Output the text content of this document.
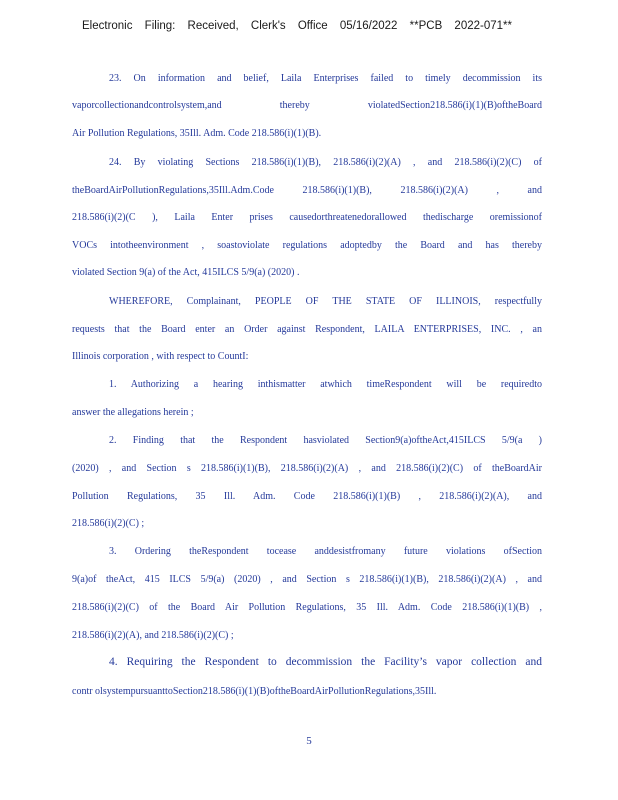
Electronic Filing: Received, Clerk's Office 05/16/2022 **PCB 2022-071**
23. On information and belief, Laila Enterprises failed to timely decommission its
vaporcollectionandcontrolsystem,and thereby violatedSection218.586(i)(1)(B)oftheBoard
Air Pollution Regulations, 35Ill. Adm. Code 218.586(i)(1)(B).
24. By violating Sections 218.586(i)(1)(B), 218.586(i)(2)(A) , and 218.586(i)(2)(C) of
theBoardAirPollutionRegulations,35Ill.Adm.Code 218.586(i)(1)(B), 218.586(i)(2)(A) , and
218.586(i)(2)(C ), Laila Enter prises causedorthreatenedorallowed thedischarge oremissionof
VOCs intotheenvironment , soastoviolate regulations adoptedby the Board and has thereby
violated Section 9(a) of the Act, 415ILCS 5/9(a) (2020) .
WHEREFORE, Complainant, PEOPLE OF THE STATE OF ILLINOIS, respectfully
requests that the Board enter an Order against Respondent, LAILA ENTERPRISES, INC. , an
Illinois corporation , with respect to CountI:
1. Authorizing a hearing inthismatter atwhich timeRespondent will be requiredto
answer the allegations herein ;
2. Finding that the Respondent hasviolated Section9(a)oftheAct,415ILCS 5/9(a )
(2020) , and Section s 218.586(i)(1)(B), 218.586(i)(2)(A) , and 218.586(i)(2)(C) of theBoardAir
Pollution Regulations, 35 Ill. Adm. Code 218.586(i)(1)(B) , 218.586(i)(2)(A), and
218.586(i)(2)(C) ;
3. Ordering theRespondent tocease anddesistfromany future violations ofSection
9(a)of theAct, 415 ILCS 5/9(a) (2020) , and Section s 218.586(i)(1)(B), 218.586(i)(2)(A) , and
218.586(i)(2)(C) of the Board Air Pollution Regulations, 35 Ill. Adm. Code 218.586(i)(1)(B) ,
218.586(i)(2)(A), and 218.586(i)(2)(C) ;
4. Requiring the Respondent to decommission the Facility’s vapor collection and
contr olsystempursuanttoSection218.586(i)(1)(B)oftheBoardAirPollutionRegulations,35Ill.
5
